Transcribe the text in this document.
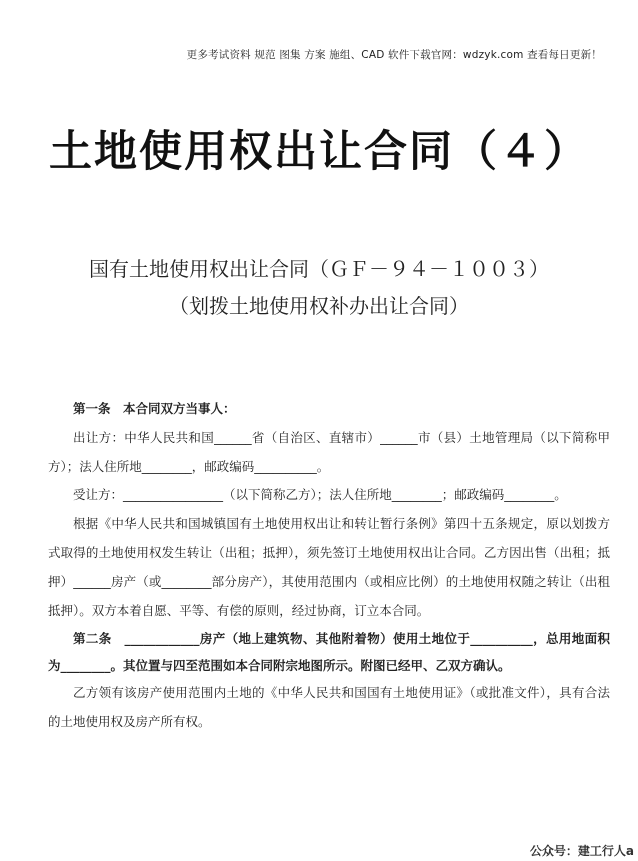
更多考试资料 规范 图集 方案 施组、CAD 软件下载官网：wdzyk.com 查看每日更新！
土地使用权出让合同（４）
国有土地使用权出让合同（ＧＦ－９４－１００３）
（划拨土地使用权补办出让合同）

第一条　本合同双方当事人：

出让方：中华人民共和国______省（自治区、直辖市）______市（县）土地管理局（以下简称甲方）；法人住所地________，邮政编码__________。

受让方：________________（以下简称乙方）；法人住所地________；邮政编码________。

根据《中华人民共和国城镇国有土地使用权出让和转让暂行条例》第四十五条规定，原以划拨方式取得的土地使用权发生转让（出租；抵押），须先签订土地使用权出让合同。乙方因出售（出租；抵押）______房产（或________部分房产），其使用范围内（或相应比例）的土地使用权随之转让（出租抵押）。双方本着自愿、平等、有偿的原则，经过协商，订立本合同。

第二条　____________房产（地上建筑物、其他附着物）使用土地位于__________，总用地面积为________。其位置与四至范围如本合同附宗地图所示。附图已经甲、乙双方确认。

乙方领有该房产使用范围内土地的《中华人民共和国国有土地使用证》（或批准文件），具有合法的土地使用权及房产所有权。

公众号：建工行人a
